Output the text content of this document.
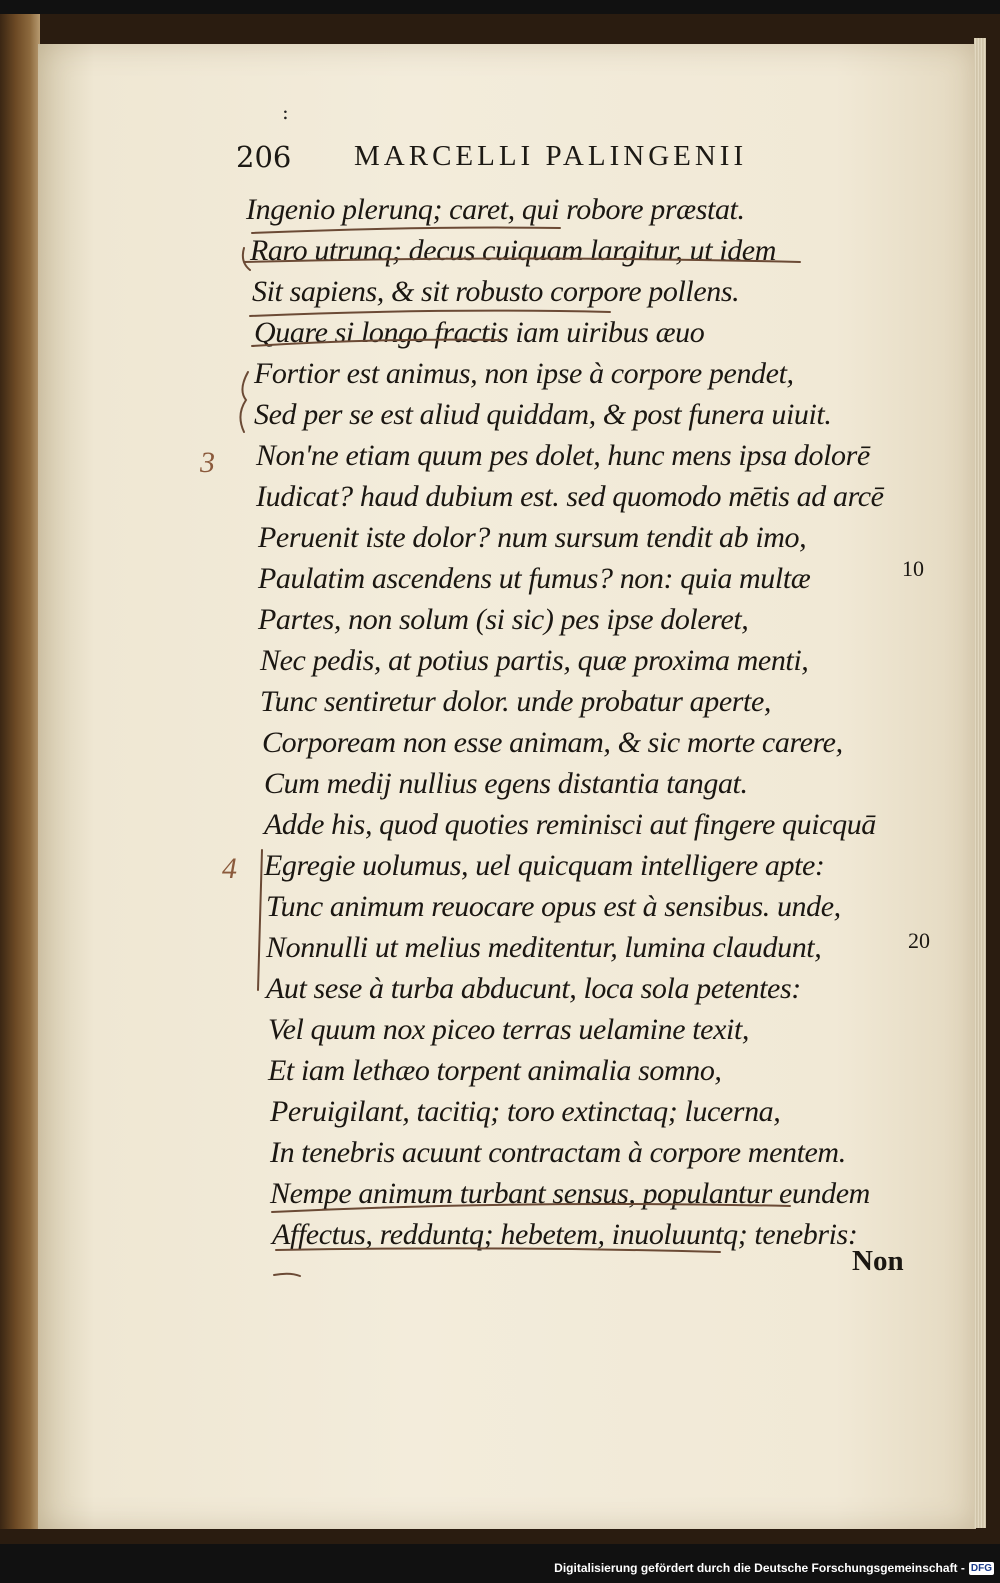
:
206 MARCELLI PALINGENII
Ingenio plerunq; caret, qui robore præstat.
Raro utrunq; decus cuiquam largitur, ut idem
Sit sapiens, & sit robusto corpore pollens.
Quare si longo fractis iam uiribus æuo
Fortior est animus, non ipse à corpore pendet,
Sed per se est aliud quiddam, & post funera uiuit.
Non'ne etiam quum pes dolet, hunc mens ipsa dolorē
Iudicat? haud dubium est. sed quomodo mētis ad arcē
Peruenit iste dolor? num sursum tendit ab imo,
Paulatim ascendens ut fumus? non: quia multæ
Partes, non solum (si sic) pes ipse doleret,
Nec pedis, at potius partis, quæ proxima menti,
Tunc sentiretur dolor. unde probatur aperte,
Corpoream non esse animam, & sic morte carere,
Cum medij nullius egens distantia tangat.
Adde his, quod quoties reminisci aut fingere quicquā
Egregie uolumus, uel quicquam intelligere apte:
Tunc animum reuocare opus est à sensibus. unde,
Nonnulli ut melius meditentur, lumina claudunt,
Aut sese à turba abducunt, loca sola petentes:
Vel quum nox piceo terras uelamine texit,
Et iam lethæo torpent animalia somno,
Peruigilant, tacitiq; toro extinctaq; lucerna,
In tenebris acuunt contractam à corpore mentem.
Nempe animum turbant sensus, populantur eundem
Affectus, redduntq; hebetem, inuoluuntq; tenebris:
Non
10
20
3
4
Digitalisierung gefördert durch die Deutsche Forschungsgemeinschaft - DFG
